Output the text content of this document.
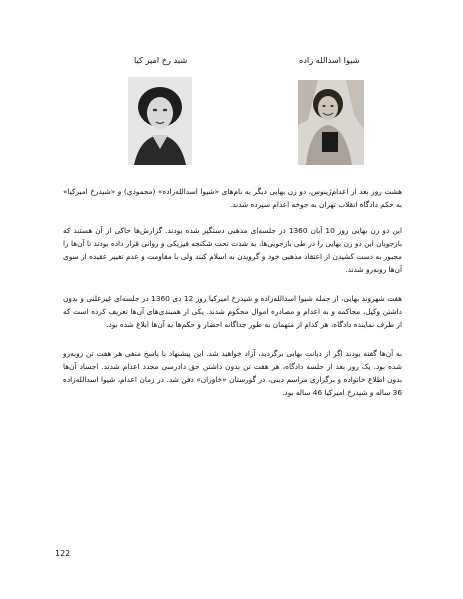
شید رخ امیر کیا	شیوا اسدالله زاده
هشت روز بعد از اعدام‌ژینوس، دو زن بهایی دیگر به نام‌های «شیوا اسدالله‌زاده» (محمودی) و «شیدرخ امیرکیا» به حکم دادگاه انقلاب تهران به جوخه اعدام سپرده شدند.
این دو زن بهایی روز 10 آبان 1360 در جلسه‌ای مذهبی دستگیر شده بودند. گزارش‌ها حاکی از آن هستند که بازجویان این دو زن بهایی را در طی بازجویی‌ها، به شدت تحت شکنجه فیزیکی و روانی قرار داده بودند تا آن‌ها را مجبور به دست کشیدن از اعتقاد مذهبی خود و گرویدن به اسلام کنند ولی با مقاومت و عدم تغییر عقیده از سوی آن‌ها روبه‌رو شدند.
هفت شهروند بهایی، از جمله شیوا اسدالله‌زاده و شیدرخ امیرکیا روز 12 دی 1360 در جلسه‌ای غیرعلنی و بدون داشتن وکیل، محاکمه و به اعدام و مصادره اموال محکوم شدند. یکی از همبندی‌های آن‌ها تعریف کرده است که از طرف نماینده دادگاه، هر کدام از متهمان به طور جداگانه احضار و حکم‌ها به آن‌ها ابلاغ شده بود.
به آن‌ها گفته بودند اگر از دیانت بهایی برگردید، آزاد خواهید شد. این پیشنهاد با پاسخ منفی هر هفت تن روبه‌رو شده بود. یک روز بعد از جلسه دادگاه، هر هفت تن بدون داشتن حق دادرسی مجدد اعدام شدند. اجساد آن‌ها بدون اطلاع خانواده و برگزاری مراسم دینی، در گورستان «خاوران» دفن شد. در زمان اعدام، شیوا اسدالله‌زاده 36 ساله و شیدرخ امیرکیا 46 ساله بود.
122
